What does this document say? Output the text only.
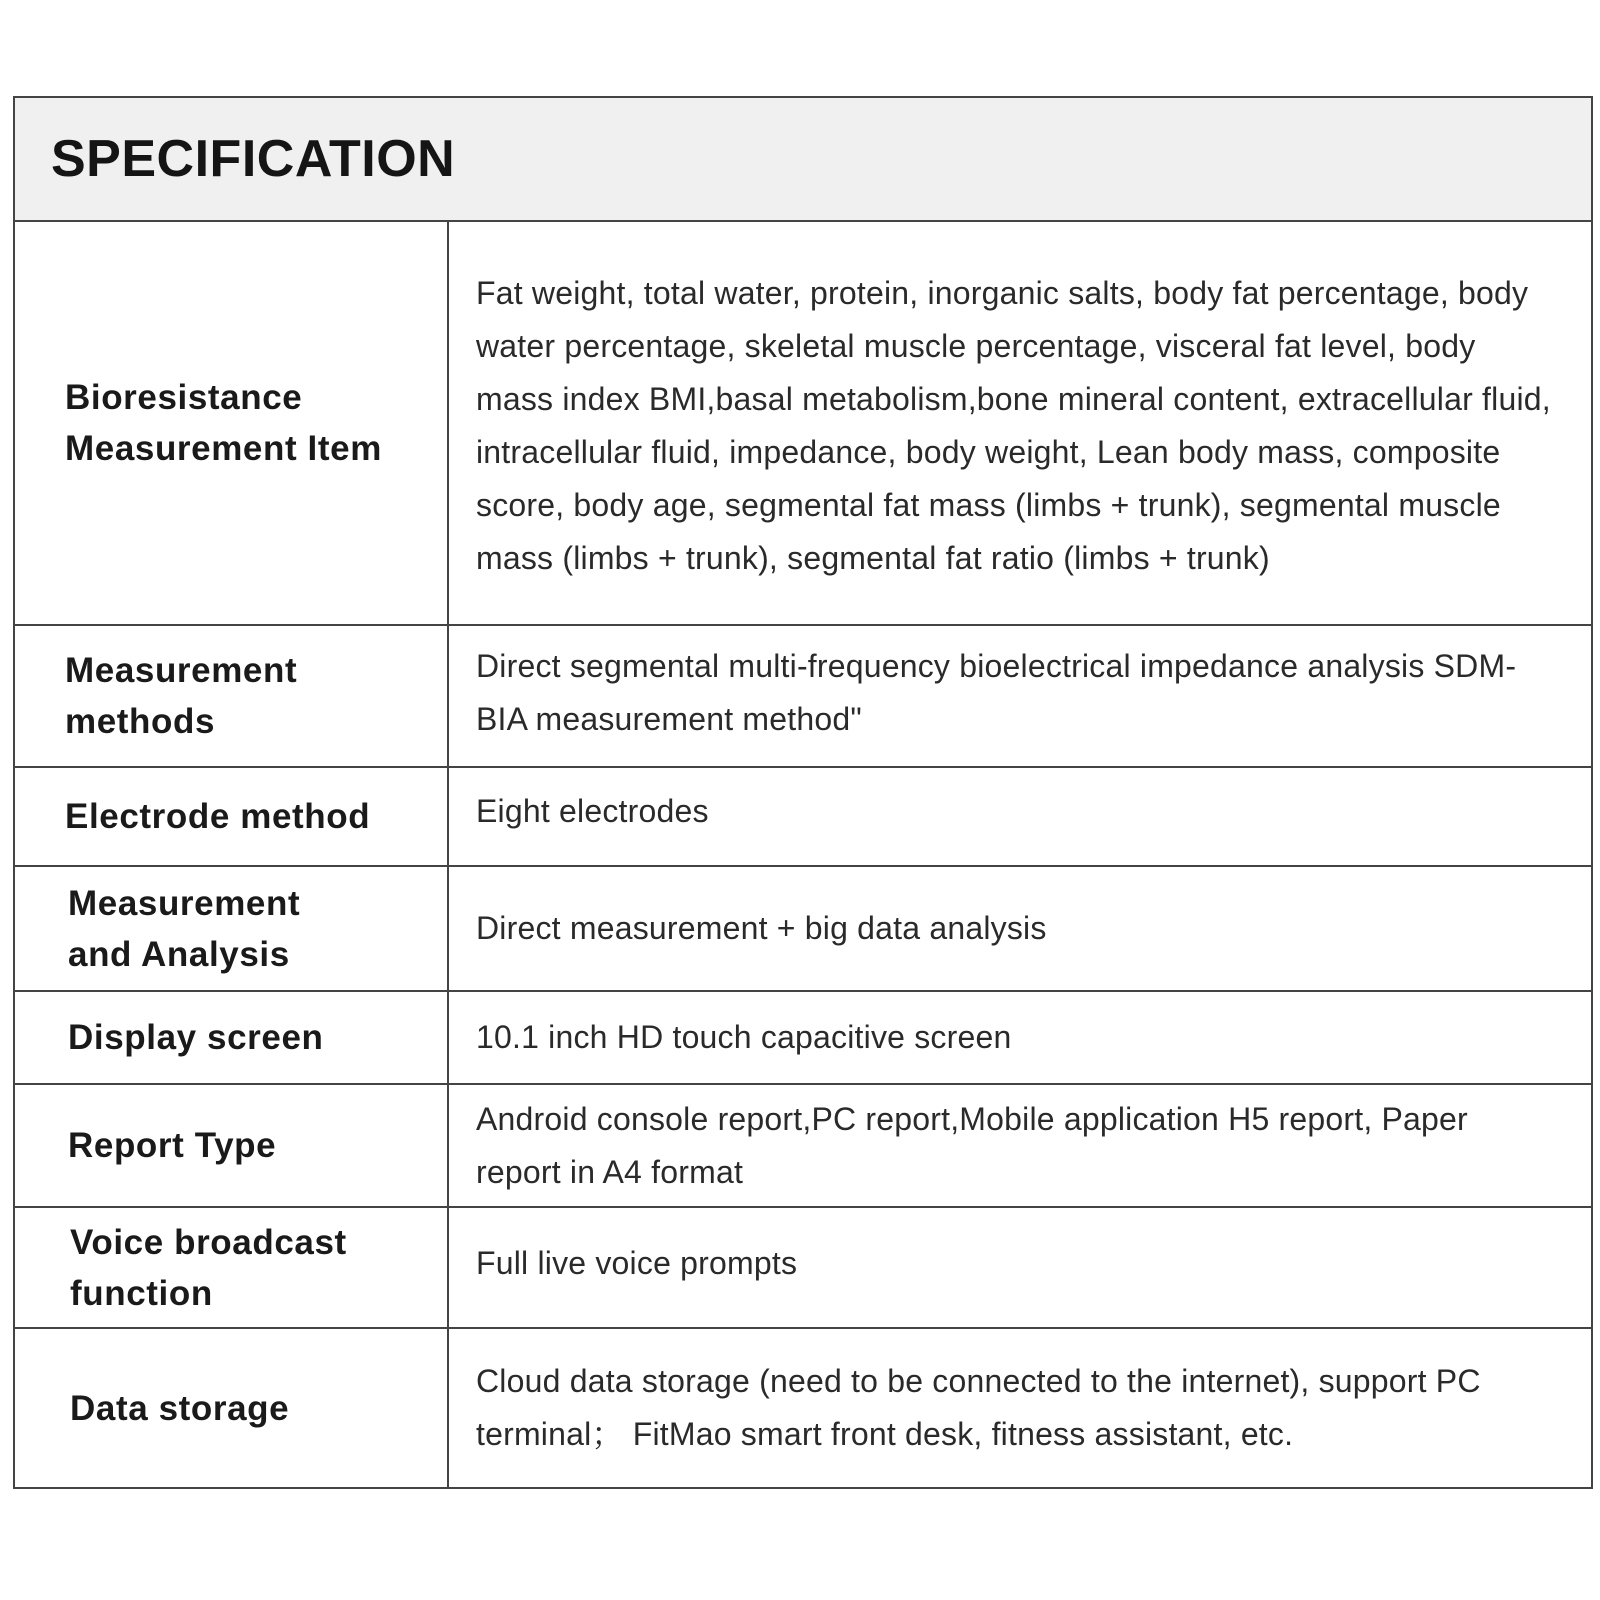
SPECIFICATION
Bioresistance Measurement Item
Fat weight, total water, protein, inorganic salts, body fat percentage, body water percentage, skeletal muscle percentage, visceral fat level, body mass index BMI,basal metabolism,bone mineral content, extracellular fluid, intracellular fluid, impedance, body weight, Lean body mass, composite score, body age, segmental fat mass (limbs + trunk), segmental muscle mass (limbs + trunk), segmental fat ratio (limbs + trunk)
Measurement methods
Direct segmental multi-frequency bioelectrical impedance analysis SDM-BIA measurement method"
Electrode method	Eight electrodes
Measurement and Analysis
Direct measurement + big data analysis
Display screen	10.1 inch HD touch capacitive screen
Report Type
Android console report,PC report,Mobile application H5 report, Paper report in A4 format
Voice broadcast function
Full live voice prompts
Data storage
Cloud data storage (need to be connected to the internet), support PC terminal； FitMao smart front desk, fitness assistant, etc.
